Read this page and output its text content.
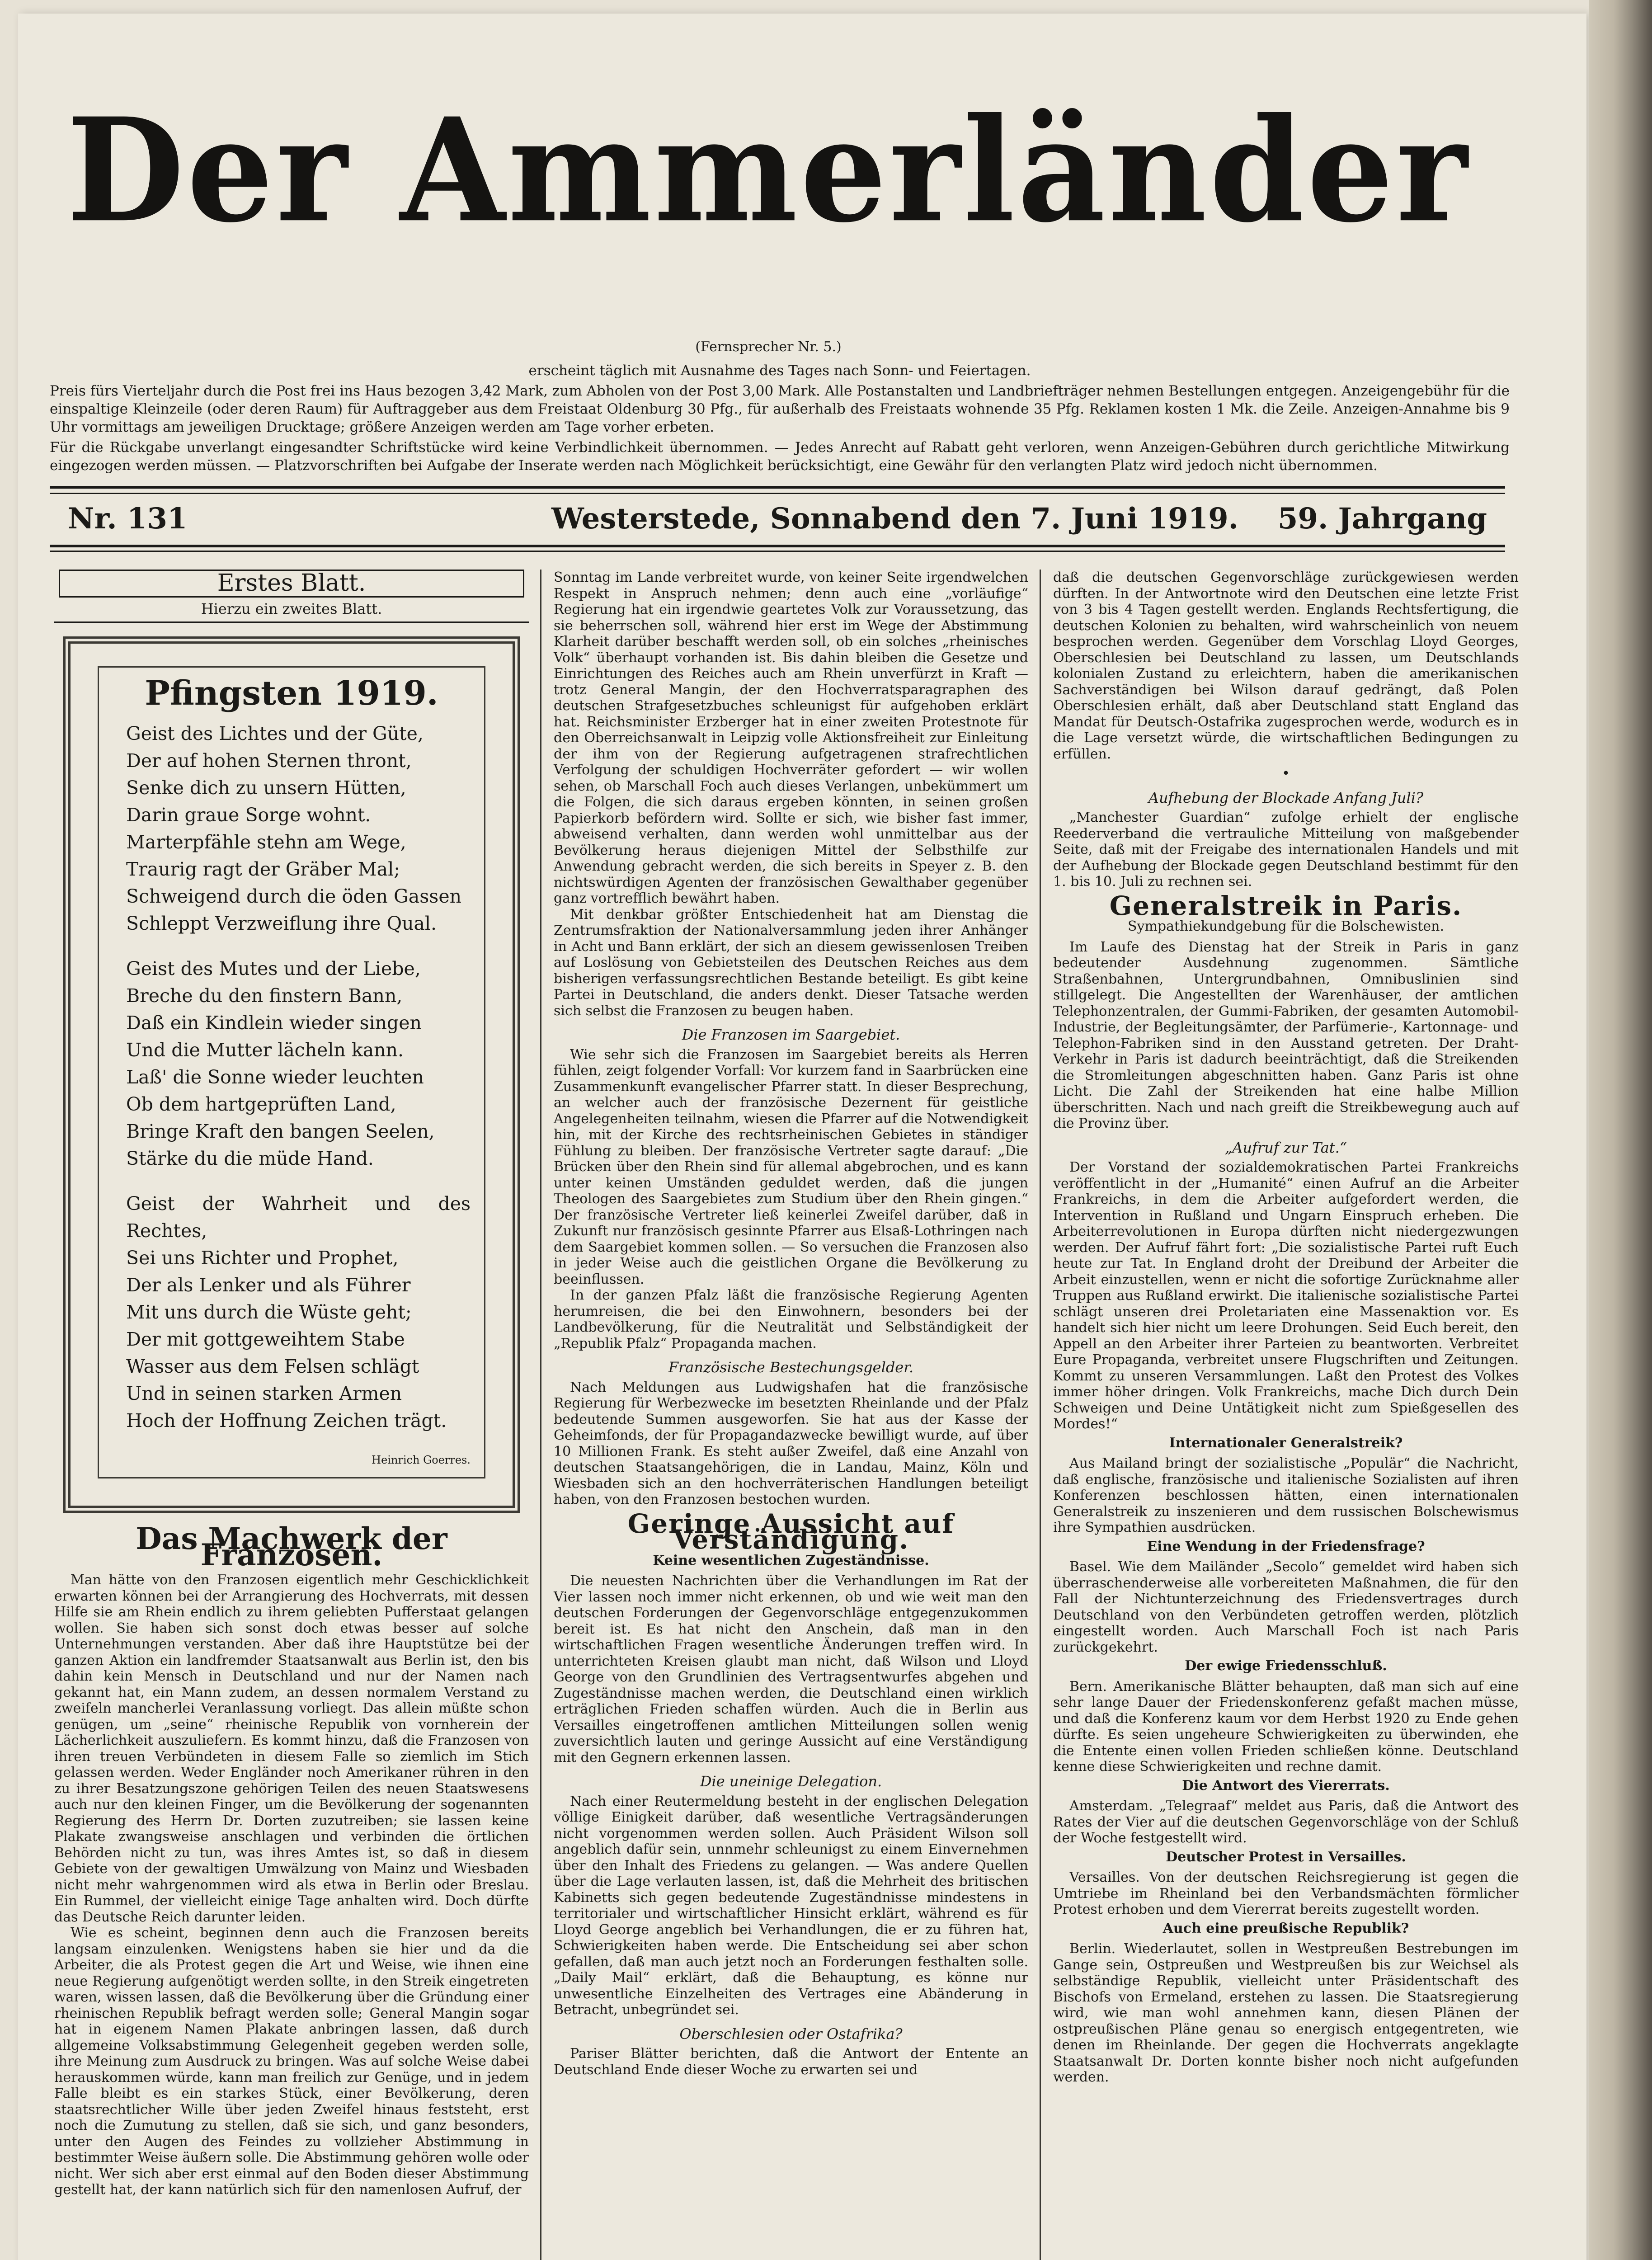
Der Ammerländer
(Fernsprecher Nr. 5.)
erscheint täglich mit Ausnahme des Tages nach Sonn- und Feiertagen.
Preis fürs Vierteljahr durch die Post frei ins Haus bezogen 3,42 Mark, zum Abholen von der Post 3,00 Mark. Alle Postanstalten und Landbriefträger nehmen Bestellungen entgegen. Anzeigengebühr für die einspaltige Kleinzeile (oder deren Raum) für Auftraggeber aus dem Freistaat Oldenburg 30 Pfg., für außerhalb des Freistaats wohnende 35 Pfg. Reklamen kosten 1 Mk. die Zeile. Anzeigen-Annahme bis 9 Uhr vormittags am jeweiligen Drucktage; größere Anzeigen werden am Tage vorher erbeten.
Für die Rückgabe unverlangt eingesandter Schriftstücke wird keine Verbindlichkeit übernommen. — Jedes Anrecht auf Rabatt geht verloren, wenn Anzeigen-Gebühren durch gerichtliche Mitwirkung eingezogen werden müssen. — Platzvorschriften bei Aufgabe der Inserate werden nach Möglichkeit berücksichtigt, eine Gewähr für den verlangten Platz wird jedoch nicht übernommen.
Nr. 131	Westerstede, Sonnabend den 7. Juni 1919. 59. Jahrgang
Erstes Blatt.
Hierzu ein zweites Blatt.
Pfingsten 1919.
Geist des Lichtes und der Güte,
Der auf hohen Sternen thront,
Senke dich zu unsern Hütten,
Darin graue Sorge wohnt.
Marterpfähle stehn am Wege,
Traurig ragt der Gräber Mal;
Schweigend durch die öden Gassen
Schleppt Verzweiflung ihre Qual.
Geist des Mutes und der Liebe,
Breche du den finstern Bann,
Daß ein Kindlein wieder singen
Und die Mutter lächeln kann.
Laß' die Sonne wieder leuchten
Ob dem hartgeprüften Land,
Bringe Kraft den bangen Seelen,
Stärke du die müde Hand.
Geist der Wahrheit und des Rechtes,
Sei uns Richter und Prophet,
Der als Lenker und als Führer
Mit uns durch die Wüste geht;
Der mit gottgeweihtem Stabe
Wasser aus dem Felsen schlägt
Und in seinen starken Armen
Hoch der Hoffnung Zeichen trägt.
Heinrich Goerres.
Das Machwerk der Franzosen.

Man hätte von den Franzosen eigentlich mehr Geschicklichkeit erwarten können bei der Arrangierung des Hochverrats, mit dessen Hilfe sie am Rhein endlich zu ihrem geliebten Pufferstaat gelangen wollen. Sie haben sich sonst doch etwas besser auf solche Unternehmungen verstanden. Aber daß ihre Hauptstütze bei der ganzen Aktion ein landfremder Staatsanwalt aus Berlin ist, den bis dahin kein Mensch in Deutschland und nur der Namen nach gekannt hat, ein Mann zudem, an dessen normalem Verstand zu zweifeln mancherlei Veranlassung vorliegt. Das allein müßte schon genügen, um „seine“ rheinische Republik von vornherein der Lächerlichkeit auszuliefern. Es kommt hinzu, daß die Franzosen von ihren treuen Verbündeten in diesem Falle so ziemlich im Stich gelassen werden. Weder Engländer noch Amerikaner rühren in den zu ihrer Besatzungszone gehörigen Teilen des neuen Staatswesens auch nur den kleinen Finger, um die Bevölkerung der sogenannten Regierung des Herrn Dr. Dorten zuzutreiben; sie lassen keine Plakate zwangsweise anschlagen und verbinden die örtlichen Behörden nicht zu tun, was ihres Amtes ist, so daß in diesem Gebiete von der gewaltigen Umwälzung von Mainz und Wiesbaden nicht mehr wahrgenommen wird als etwa in Berlin oder Breslau. Ein Rummel, der vielleicht einige Tage anhalten wird. Doch dürfte das Deutsche Reich darunter leiden.

Wie es scheint, beginnen denn auch die Franzosen bereits langsam einzulenken. Wenigstens haben sie hier und da die Arbeiter, die als Protest gegen die Art und Weise, wie ihnen eine neue Regierung aufgenötigt werden sollte, in den Streik eingetreten waren, wissen lassen, daß die Bevölkerung über die Gründung einer rheinischen Republik befragt werden solle; General Mangin sogar hat in eigenem Namen Plakate anbringen lassen, daß durch allgemeine Volksabstimmung Gelegenheit gegeben werden solle, ihre Meinung zum Ausdruck zu bringen. Was auf solche Weise dabei herauskommen würde, kann man freilich zur Genüge, und in jedem Falle bleibt es ein starkes Stück, einer Bevölkerung, deren staatsrechtlicher Wille über jeden Zweifel hinaus feststeht, erst noch die Zumutung zu stellen, daß sie sich, und ganz besonders, unter den Augen des Feindes zu vollzieher Abstimmung in bestimmter Weise äußern solle. Die Abstimmung gehören wolle oder nicht. Wer sich aber erst einmal auf den Boden dieser Abstimmung gestellt hat, der kann natürlich sich für den namenlosen Aufruf, der

Sonntag im Lande verbreitet wurde, von keiner Seite irgendwelchen Respekt in Anspruch nehmen; denn auch eine „vorläufige“ Regierung hat ein irgendwie geartetes Volk zur Voraussetzung, das sie beherrschen soll, während hier erst im Wege der Abstimmung Klarheit darüber beschafft werden soll, ob ein solches „rheinisches Volk“ überhaupt vorhanden ist. Bis dahin bleiben die Gesetze und Einrichtungen des Reiches auch am Rhein unverfürzt in Kraft — trotz General Mangin, der den Hochverratsparagraphen des deutschen Strafgesetzbuches schleunigst für aufgehoben erklärt hat. Reichsminister Erzberger hat in einer zweiten Protestnote für den Oberreichsanwalt in Leipzig volle Aktionsfreiheit zur Einleitung der ihm von der Regierung aufgetragenen strafrechtlichen Verfolgung der schuldigen Hochverräter gefordert — wir wollen sehen, ob Marschall Foch auch dieses Verlangen, unbekümmert um die Folgen, die sich daraus ergeben könnten, in seinen großen Papierkorb befördern wird. Sollte er sich, wie bisher fast immer, abweisend verhalten, dann werden wohl unmittelbar aus der Bevölkerung heraus diejenigen Mittel der Selbsthilfe zur Anwendung gebracht werden, die sich bereits in Speyer z. B. den nichtswürdigen Agenten der französischen Gewalthaber gegenüber ganz vortrefflich bewährt haben.

Mit denkbar größter Entschiedenheit hat am Dienstag die Zentrumsfraktion der Nationalversammlung jeden ihrer Anhänger in Acht und Bann erklärt, der sich an diesem gewissenlosen Treiben auf Loslösung von Gebietsteilen des Deutschen Reiches aus dem bisherigen verfassungsrechtlichen Bestande beteiligt. Es gibt keine Partei in Deutschland, die anders denkt. Dieser Tatsache werden sich selbst die Franzosen zu beugen haben.

Die Franzosen im Saargebiet.

Wie sehr sich die Franzosen im Saargebiet bereits als Herren fühlen, zeigt folgender Vorfall: Vor kurzem fand in Saarbrücken eine Zusammenkunft evangelischer Pfarrer statt. In dieser Besprechung, an welcher auch der französische Dezernent für geistliche Angelegenheiten teilnahm, wiesen die Pfarrer auf die Notwendigkeit hin, mit der Kirche des rechtsrheinischen Gebietes in ständiger Fühlung zu bleiben. Der französische Vertreter sagte darauf: „Die Brücken über den Rhein sind für allemal abgebrochen, und es kann unter keinen Umständen geduldet werden, daß die jungen Theologen des Saargebietes zum Studium über den Rhein gingen.“ Der französische Vertreter ließ keinerlei Zweifel darüber, daß in Zukunft nur französisch gesinnte Pfarrer aus Elsaß-Lothringen nach dem Saargebiet kommen sollen. — So versuchen die Franzosen also in jeder Weise auch die geistlichen Organe die Bevölkerung zu beeinflussen.

In der ganzen Pfalz läßt die französische Regierung Agenten herumreisen, die bei den Einwohnern, besonders bei der Landbevölkerung, für die Neutralität und Selbständigkeit der „Republik Pfalz“ Propaganda machen.

Französische Bestechungsgelder.

Nach Meldungen aus Ludwigshafen hat die französische Regierung für Werbezwecke im besetzten Rheinlande und der Pfalz bedeutende Summen ausgeworfen. Sie hat aus der Kasse der Geheimfonds, der für Propagandazwecke bewilligt wurde, auf über 10 Millionen Frank. Es steht außer Zweifel, daß eine Anzahl von deutschen Staatsangehörigen, die in Landau, Mainz, Köln und Wiesbaden sich an den hochverräterischen Handlungen beteiligt haben, von den Franzosen bestochen wurden.

Geringe Aussicht auf Verständigung.
Keine wesentlichen Zugeständnisse.

Die neuesten Nachrichten über die Verhandlungen im Rat der Vier lassen noch immer nicht erkennen, ob und wie weit man den deutschen Forderungen der Gegenvorschläge entgegenzukommen bereit ist. Es hat nicht den Anschein, daß man in den wirtschaftlichen Fragen wesentliche Änderungen treffen wird. In unterrichteten Kreisen glaubt man nicht, daß Wilson und Lloyd George von den Grundlinien des Vertragsentwurfes abgehen und Zugeständnisse machen werden, die Deutschland einen wirklich erträglichen Frieden schaffen würden. Auch die in Berlin aus Versailles eingetroffenen amtlichen Mitteilungen sollen wenig zuversichtlich lauten und geringe Aussicht auf eine Verständigung mit den Gegnern erkennen lassen.

Die uneinige Delegation.

Nach einer Reutermeldung besteht in der englischen Delegation völlige Einigkeit darüber, daß wesentliche Vertragsänderungen nicht vorgenommen werden sollen. Auch Präsident Wilson soll angeblich dafür sein, unnmehr schleunigst zu einem Einvernehmen über den Inhalt des Friedens zu gelangen. — Was andere Quellen über die Lage verlauten lassen, ist, daß die Mehrheit des britischen Kabinetts sich gegen bedeutende Zugeständnisse mindestens in territorialer und wirtschaftlicher Hinsicht erklärt, während es für Lloyd George angeblich bei Verhandlungen, die er zu führen hat, Schwierigkeiten haben werde. Die Entscheidung sei aber schon gefallen, daß man auch jetzt noch an Forderungen festhalten solle. „Daily Mail“ erklärt, daß die Behauptung, es könne nur unwesentliche Einzelheiten des Vertrages eine Abänderung in Betracht, unbegründet sei.

Oberschlesien oder Ostafrika?

Pariser Blätter berichten, daß die Antwort der Entente an Deutschland Ende dieser Woche zu erwarten sei und

daß die deutschen Gegenvorschläge zurückgewiesen werden dürften. In der Antwortnote wird den Deutschen eine letzte Frist von 3 bis 4 Tagen gestellt werden. Englands Rechtsfertigung, die deutschen Kolonien zu behalten, wird wahrscheinlich von neuem besprochen werden. Gegenüber dem Vorschlag Lloyd Georges, Oberschlesien bei Deutschland zu lassen, um Deutschlands kolonialen Zustand zu erleichtern, haben die amerikanischen Sachverständigen bei Wilson darauf gedrängt, daß Polen Oberschlesien erhält, daß aber Deutschland statt England das Mandat für Deutsch-Ostafrika zugesprochen werde, wodurch es in die Lage versetzt würde, die wirtschaftlichen Bedingungen zu erfüllen.

•
Aufhebung der Blockade Anfang Juli?

„Manchester Guardian“ zufolge erhielt der englische Reederverband die vertrauliche Mitteilung von maßgebender Seite, daß mit der Freigabe des internationalen Handels und mit der Aufhebung der Blockade gegen Deutschland bestimmt für den 1. bis 10. Juli zu rechnen sei.

Generalstreik in Paris.
Sympathiekundgebung für die Bolschewisten.

Im Laufe des Dienstag hat der Streik in Paris in ganz bedeutender Ausdehnung zugenommen. Sämtliche Straßenbahnen, Untergrundbahnen, Omnibuslinien sind stillgelegt. Die Angestellten der Warenhäuser, der amtlichen Telephonzentralen, der Gummi-Fabriken, der gesamten Automobil-Industrie, der Begleitungsämter, der Parfümerie-, Kartonnage- und Telephon-Fabriken sind in den Ausstand getreten. Der Draht-Verkehr in Paris ist dadurch beeinträchtigt, daß die Streikenden die Stromleitungen abgeschnitten haben. Ganz Paris ist ohne Licht. Die Zahl der Streikenden hat eine halbe Million überschritten. Nach und nach greift die Streikbewegung auch auf die Provinz über.

„Aufruf zur Tat.“

Der Vorstand der sozialdemokratischen Partei Frankreichs veröffentlicht in der „Humanité“ einen Aufruf an die Arbeiter Frankreichs, in dem die Arbeiter aufgefordert werden, die Intervention in Rußland und Ungarn Einspruch erheben. Die Arbeiterrevolutionen in Europa dürften nicht niedergezwungen werden. Der Aufruf fährt fort: „Die sozialistische Partei ruft Euch heute zur Tat. In England droht der Dreibund der Arbeiter die Arbeit einzustellen, wenn er nicht die sofortige Zurücknahme aller Truppen aus Rußland erwirkt. Die italienische sozialistische Partei schlägt unseren drei Proletariaten eine Massenaktion vor. Es handelt sich hier nicht um leere Drohungen. Seid Euch bereit, den Appell an den Arbeiter ihrer Parteien zu beantworten. Verbreitet Eure Propaganda, verbreitet unsere Flugschriften und Zeitungen. Kommt zu unseren Versammlungen. Laßt den Protest des Volkes immer höher dringen. Volk Frankreichs, mache Dich durch Dein Schweigen und Deine Untätigkeit nicht zum Spießgesellen des Mordes!“

Internationaler Generalstreik?

Aus Mailand bringt der sozialistische „Populär“ die Nachricht, daß englische, französische und italienische Sozialisten auf ihren Konferenzen beschlossen hätten, einen internationalen Generalstreik zu inszenieren und dem russischen Bolschewismus ihre Sympathien ausdrücken.

Eine Wendung in der Friedensfrage?

Basel. Wie dem Mailänder „Secolo“ gemeldet wird haben sich überraschenderweise alle vorbereiteten Maßnahmen, die für den Fall der Nichtunterzeichnung des Friedensvertrages durch Deutschland von den Verbündeten getroffen werden, plötzlich eingestellt worden. Auch Marschall Foch ist nach Paris zurückgekehrt.

Der ewige Friedensschluß.

Bern. Amerikanische Blätter behaupten, daß man sich auf eine sehr lange Dauer der Friedenskonferenz gefaßt machen müsse, und daß die Konferenz kaum vor dem Herbst 1920 zu Ende gehen dürfte. Es seien ungeheure Schwierigkeiten zu überwinden, ehe die Entente einen vollen Frieden schließen könne. Deutschland kenne diese Schwierigkeiten und rechne damit.

Die Antwort des Viererrats.

Amsterdam. „Telegraaf“ meldet aus Paris, daß die Antwort des Rates der Vier auf die deutschen Gegenvorschläge von der Schluß der Woche festgestellt wird.

Deutscher Protest in Versailles.

Versailles. Von der deutschen Reichsregierung ist gegen die Umtriebe im Rheinland bei den Verbandsmächten förmlicher Protest erhoben und dem Viererrat bereits zugestellt worden.

Auch eine preußische Republik?

Berlin. Wiederlautet, sollen in Westpreußen Bestrebungen im Gange sein, Ostpreußen und Westpreußen bis zur Weichsel als selbständige Republik, vielleicht unter Präsidentschaft des Bischofs von Ermeland, erstehen zu lassen. Die Staatsregierung wird, wie man wohl annehmen kann, diesen Plänen der ostpreußischen Pläne genau so energisch entgegentreten, wie denen im Rheinlande. Der gegen die Hochverrats angeklagte Staatsanwalt Dr. Dorten konnte bisher noch nicht aufgefunden werden.
